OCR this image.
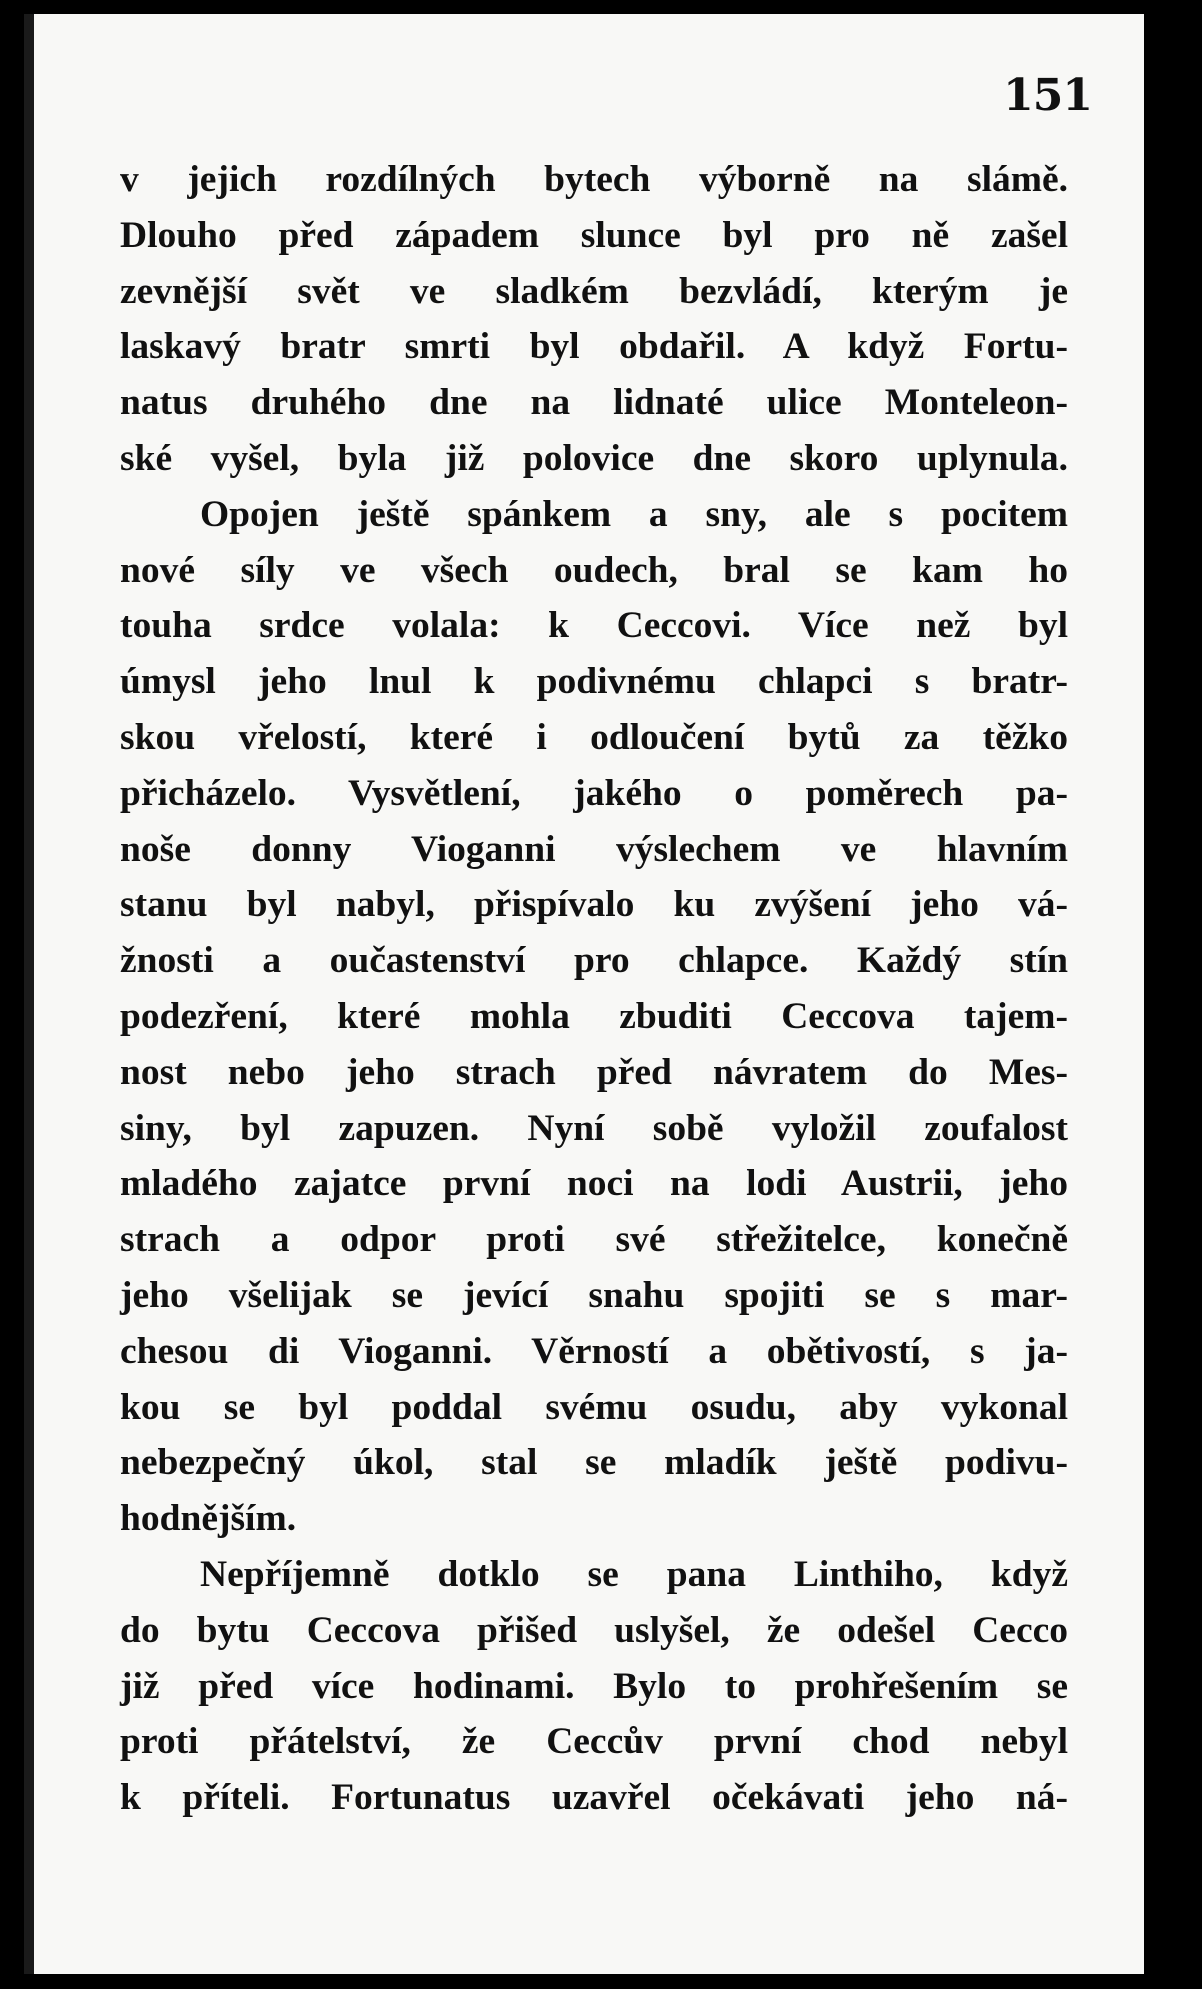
151
v jejich rozdílných bytech výborně na slámě.
Dlouho před západem slunce byl pro ně zašel
zevnější svět ve sladkém bezvládí, kterým je
laskavý bratr smrti byl obdařil. A když Fortu-
natus druhého dne na lidnaté ulice Monteleon-
ské vyšel, byla již polovice dne skoro uplynula.
Opojen ještě spánkem a sny, ale s pocitem
nové síly ve všech oudech, bral se kam ho
touha srdce volala: k Ceccovi. Více než byl
úmysl jeho lnul k podivnému chlapci s bratr-
skou vřelostí, které i odloučení bytů za těžko
přicházelo. Vysvětlení, jakého o poměrech pa-
noše donny Vioganni výslechem ve hlavním
stanu byl nabyl, přispívalo ku zvýšení jeho vá-
žnosti a oučastenství pro chlapce. Každý stín
podezření, které mohla zbuditi Ceccova tajem-
nost nebo jeho strach před návratem do Mes-
siny, byl zapuzen. Nyní sobě vyložil zoufalost
mladého zajatce první noci na lodi Austrii, jeho
strach a odpor proti své střežitelce, konečně
jeho všelijak se jevící snahu spojiti se s mar-
chesou di Vioganni. Věrností a obětivostí, s ja-
kou se byl poddal svému osudu, aby vykonal
nebezpečný úkol, stal se mladík ještě podivu-
hodnějším.
Nepříjemně dotklo se pana Linthiho, když
do bytu Ceccova přišed uslyšel, že odešel Cecco
již před více hodinami. Bylo to prohřešením se
proti přátelství, že Ceccův první chod nebyl
k příteli. Fortunatus uzavřel očekávati jeho ná-
